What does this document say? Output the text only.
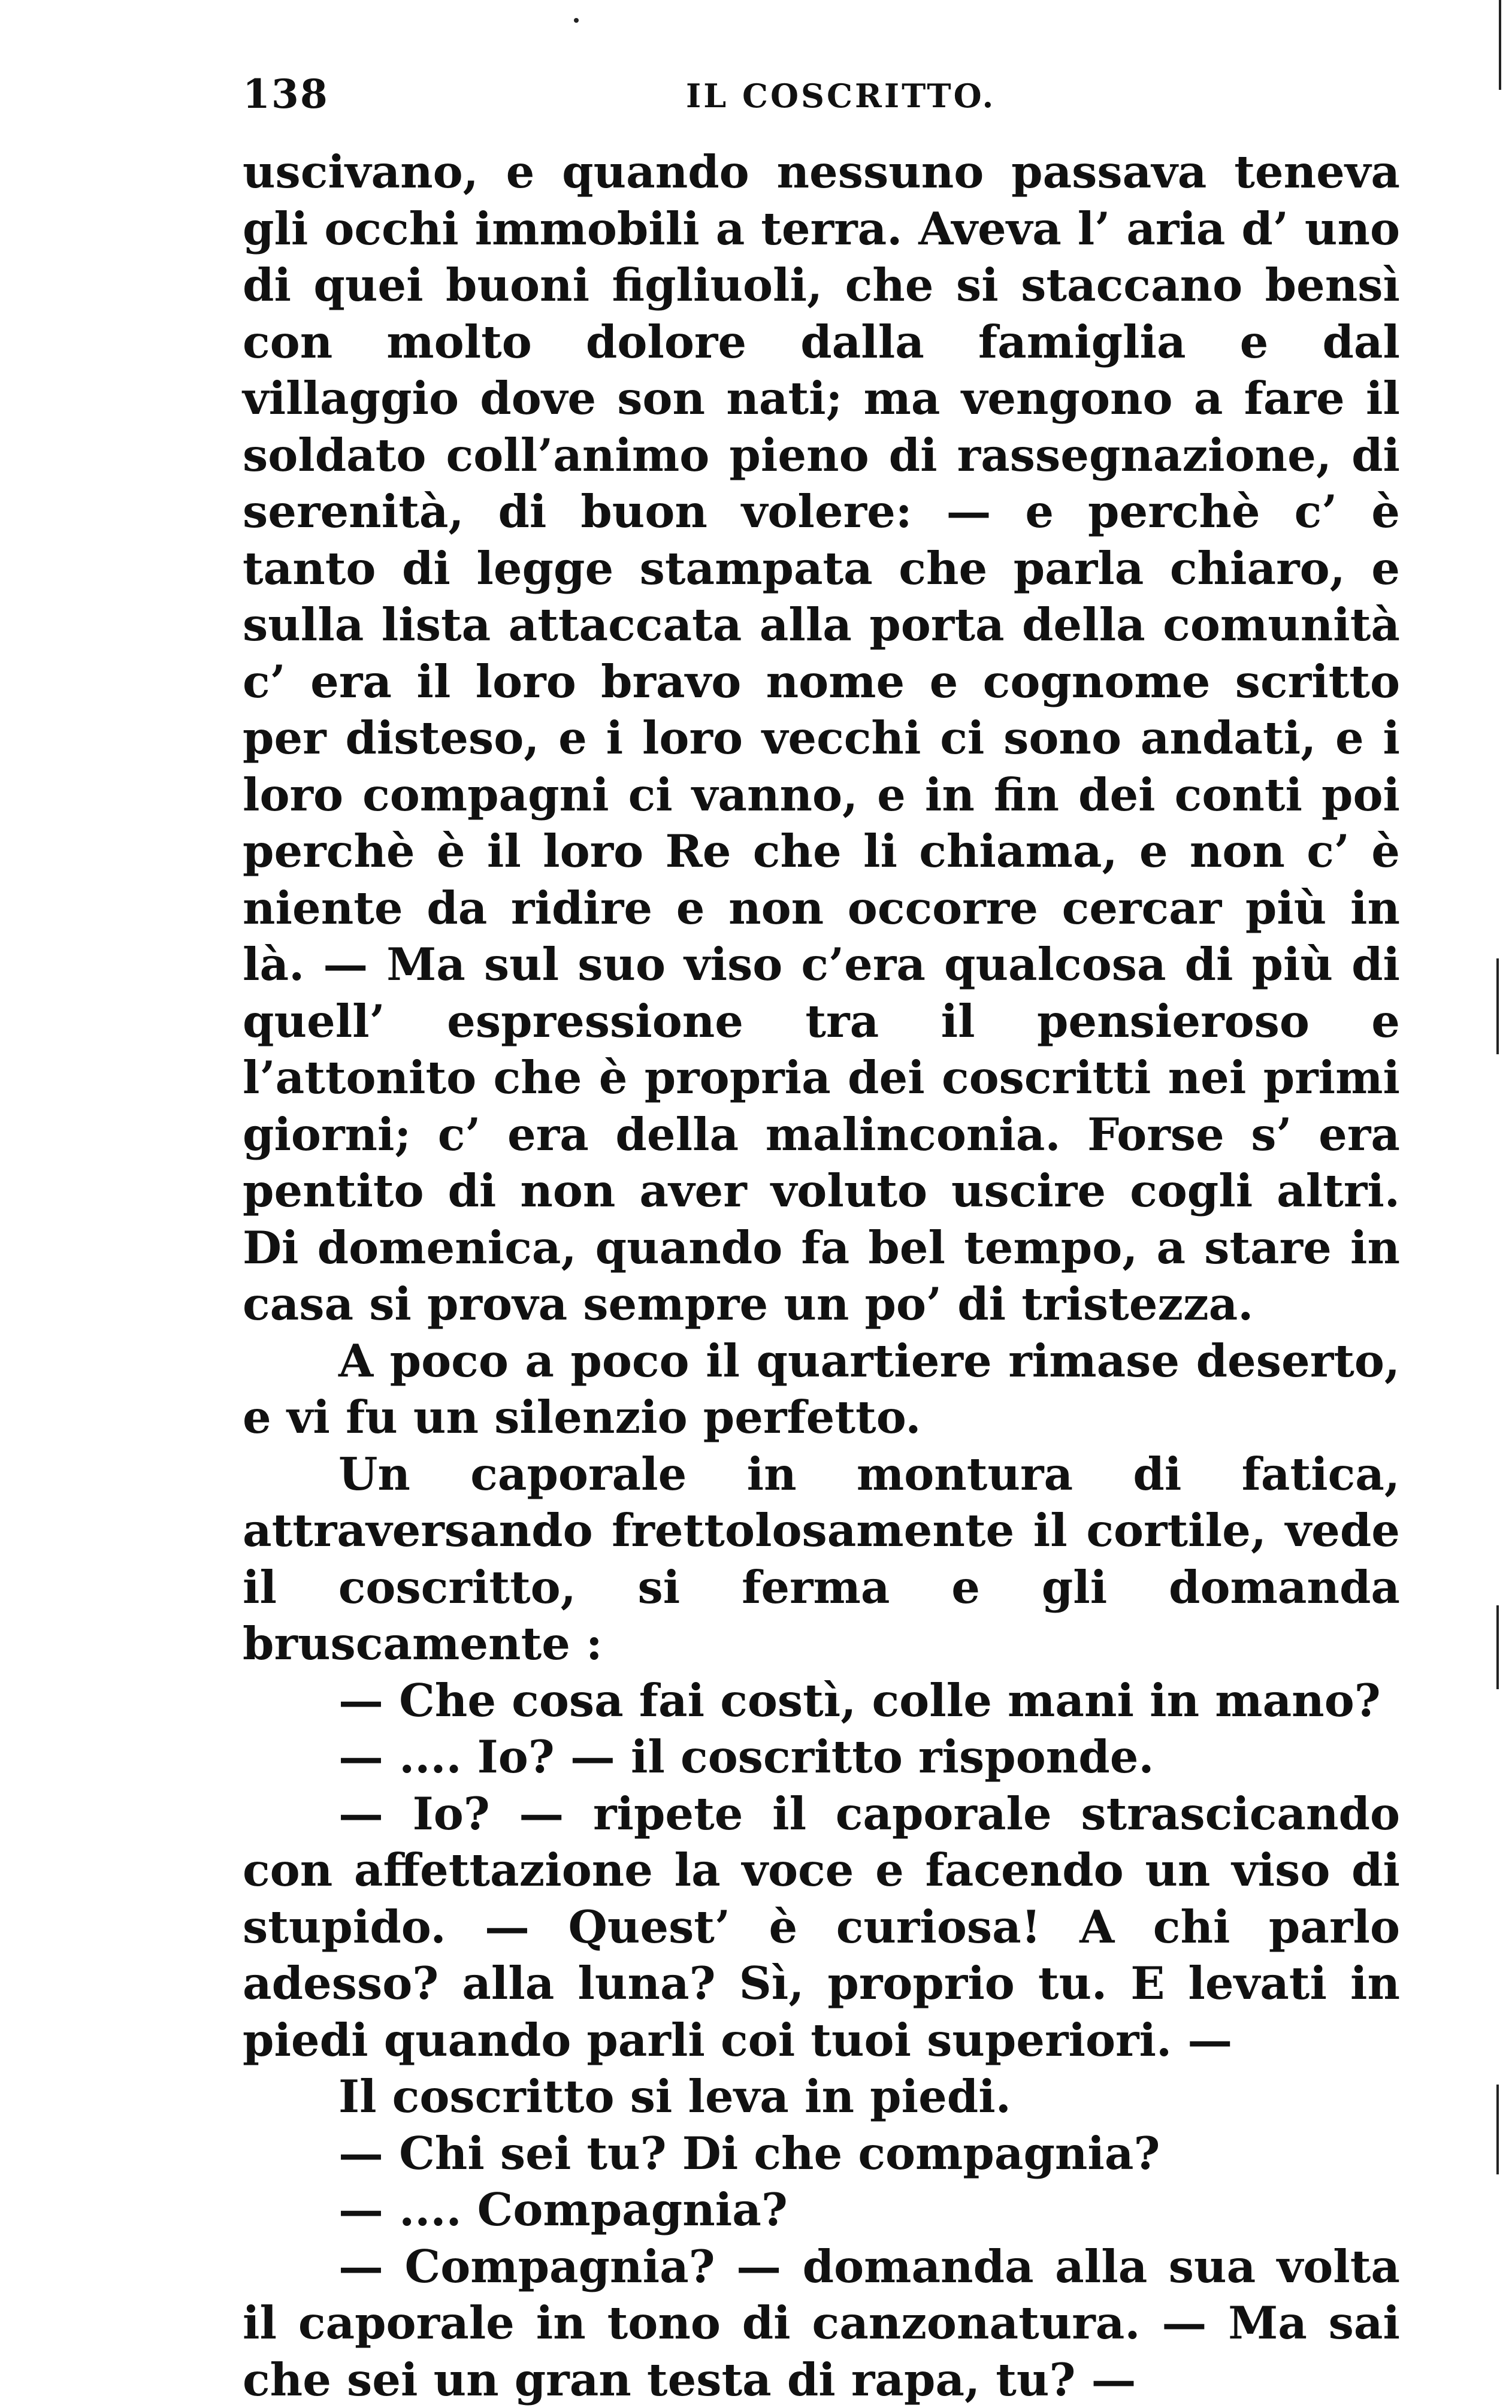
138	IL COSCRITTO.

uscivano, e quando nessuno passava teneva gli occhi immobili a terra. Aveva l’ aria d’ uno di quei buoni figliuoli, che si staccano bensì con molto dolore dalla famiglia e dal villaggio dove son nati; ma vengono a fare il soldato coll’animo pieno di rassegnazione, di serenità, di buon volere: — e perchè c’ è tanto di legge stampata che parla chiaro, e sulla lista attaccata alla porta della comunità c’ era il loro bravo nome e cognome scritto per disteso, e i loro vecchi ci sono andati, e i loro compagni ci vanno, e in fin dei conti poi perchè è il loro Re che li chiama, e non c’ è niente da ridire e non occorre cercar più in là. — Ma sul suo viso c’era qualcosa di più di quell’ espressione tra il pensieroso e l’attonito che è propria dei coscritti nei primi giorni; c’ era della malinconia. Forse s’ era pentito di non aver voluto uscire cogli altri. Di domenica, quando fa bel tempo, a stare in casa si prova sempre un po’ di tristezza.

A poco a poco il quartiere rimase deserto, e vi fu un silenzio perfetto.

Un caporale in montura di fatica, attraversando frettolosamente il cortile, vede il coscritto, si ferma e gli domanda bruscamente :

— Che cosa fai costì, colle mani in mano?

— .... Io? — il coscritto risponde.

— Io? — ripete il caporale strascicando con affettazione la voce e facendo un viso di stupido. — Quest’ è curiosa! A chi parlo adesso? alla luna? Sì, proprio tu. E levati in piedi quando parli coi tuoi superiori. —

Il coscritto si leva in piedi.

— Chi sei tu? Di che compagnia?

— .... Compagnia?

— Compagnia? — domanda alla sua volta il caporale in tono di canzonatura. — Ma sai che sei un gran testa di rapa, tu? —
